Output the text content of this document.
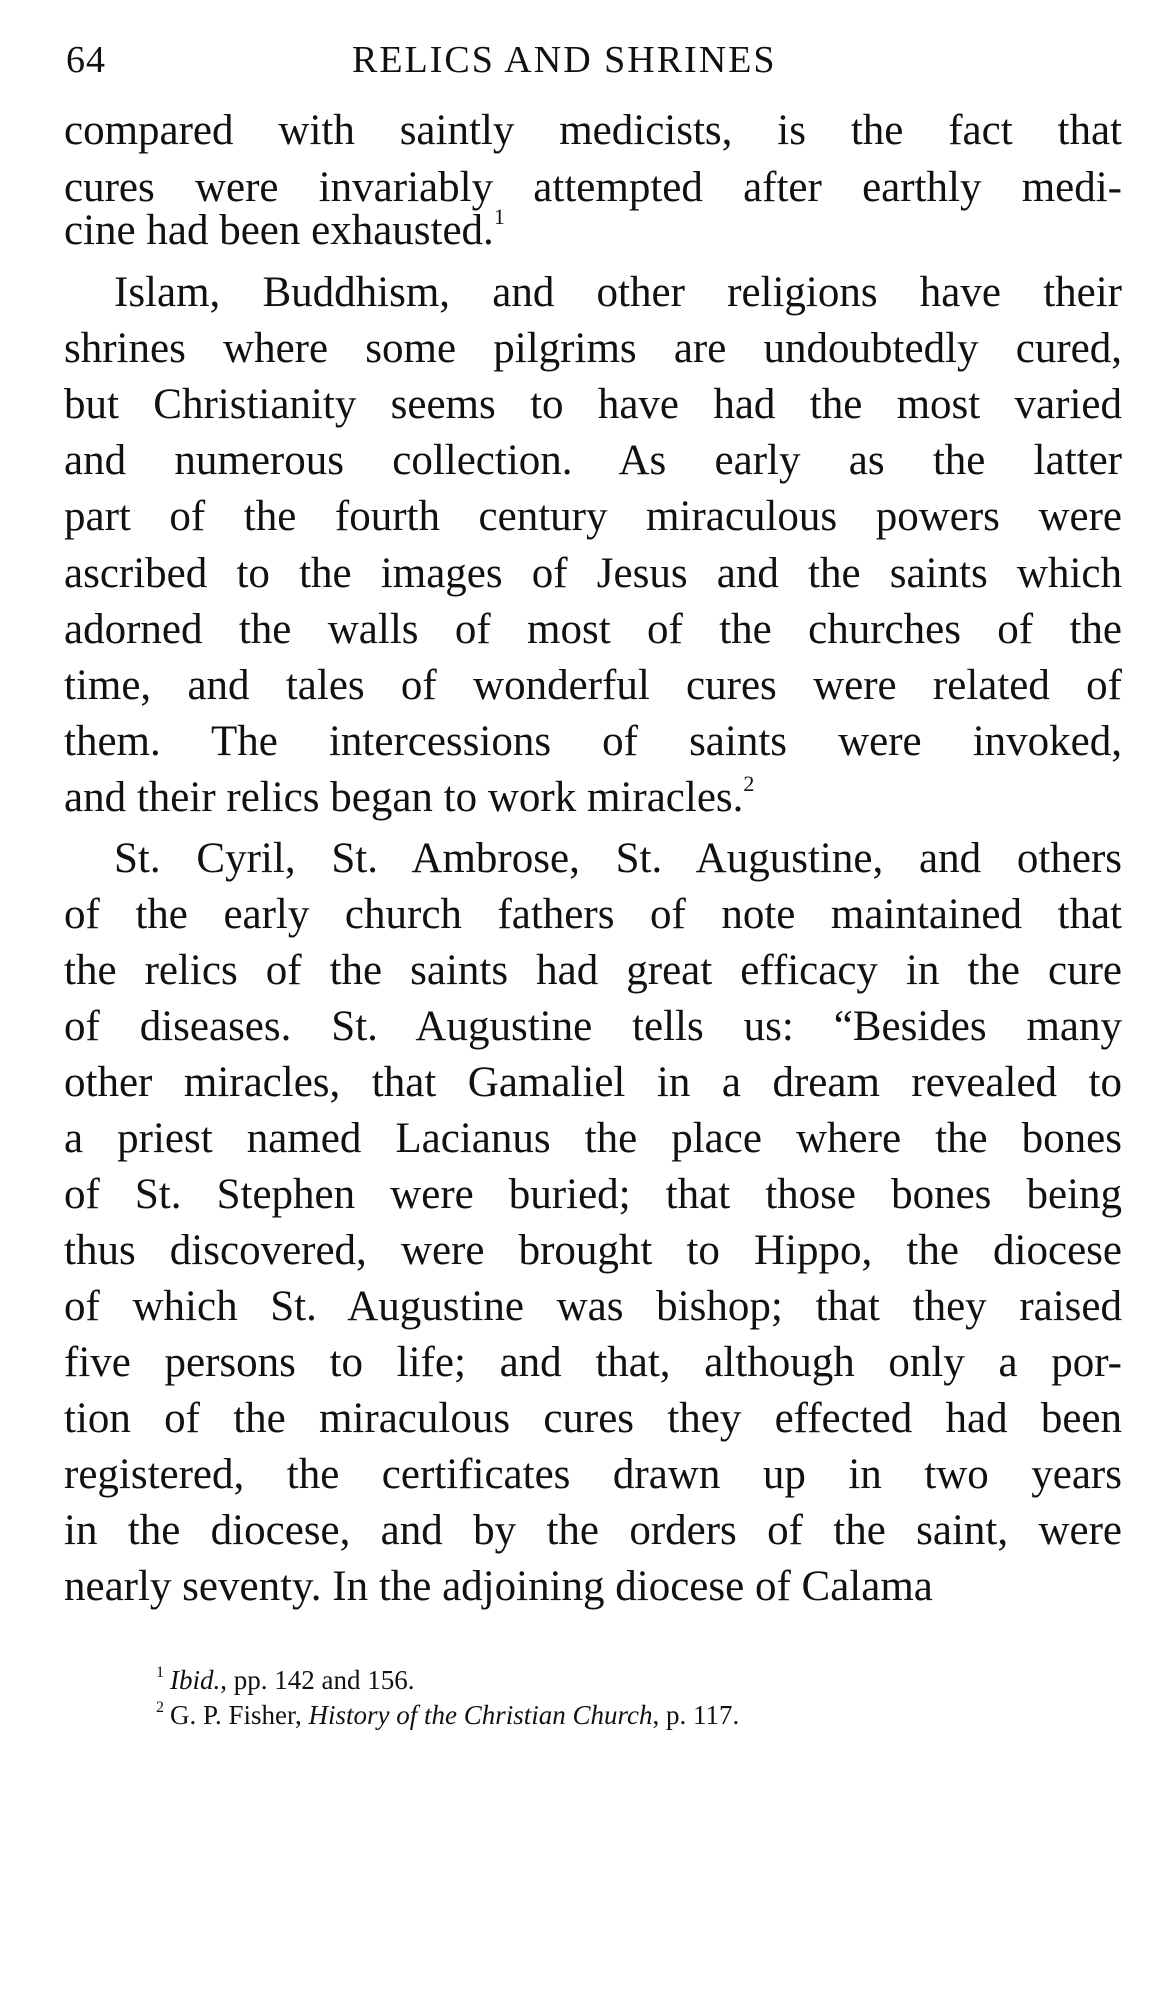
64	RELICS AND SHRINES
compared with saintly medicists, is the fact that
cures were invariably attempted after earthly medi-
cine had been exhausted.$^1$
Islam, Buddhism, and other religions have their
shrines where some pilgrims are undoubtedly cured,
but Christianity seems to have had the most varied
and numerous collection. As early as the latter
part of the fourth century miraculous powers were
ascribed to the images of Jesus and the saints which
adorned the walls of most of the churches of the
time, and tales of wonderful cures were related of
them. The intercessions of saints were invoked,
and their relics began to work miracles.$^2$
St. Cyril, St. Ambrose, St. Augustine, and others
of the early church fathers of note maintained that
the relics of the saints had great efficacy in the cure
of diseases. St. Augustine tells us: “Besides many
other miracles, that Gamaliel in a dream revealed to
a priest named Lacianus the place where the bones
of St. Stephen were buried; that those bones being
thus discovered, were brought to Hippo, the diocese
of which St. Augustine was bishop; that they raised
five persons to life; and that, although only a por-
tion of the miraculous cures they effected had been
registered, the certificates drawn up in two years
in the diocese, and by the orders of the saint, were
nearly seventy. In the adjoining diocese of Calama
$^1$ Ibid., pp. 142 and 156.
$^2$ G. P. Fisher, History of the Christian Church, p. 117.
